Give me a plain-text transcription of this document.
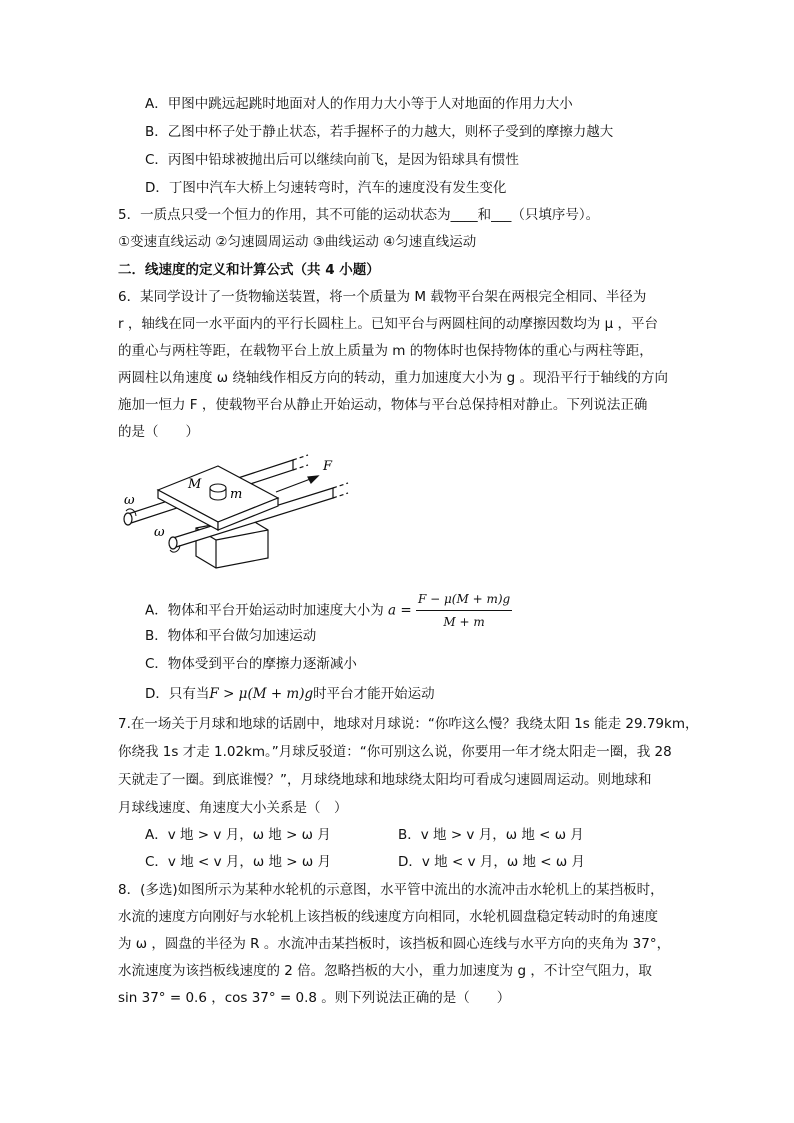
A．甲图中跳远起跳时地面对人的作用力大小等于人对地面的作用力大小
B．乙图中杯子处于静止状态，若手握杯子的力越大，则杯子受到的摩擦力越大
C．丙图中铅球被抛出后可以继续向前飞，是因为铅球具有惯性
D．丁图中汽车大桥上匀速转弯时，汽车的速度没有发生变化
5．一质点只受一个恒力的作用，其不可能的运动状态为____和___（只填序号）。
①变速直线运动 ②匀速圆周运动 ③曲线运动 ④匀速直线运动
二．线速度的定义和计算公式（共 4 小题）
6．某同学设计了一货物输送装置，将一个质量为 M 载物平台架在两根完全相同、半径为
r ，轴线在同一水平面内的平行长圆柱上。已知平台与两圆柱间的动摩擦因数均为 μ ，平台
的重心与两柱等距，在载物平台上放上质量为 m 的物体时也保持物体的重心与两柱等距，
两圆柱以角速度 ω 绕轴线作相反方向的转动，重力加速度大小为 g 。现沿平行于轴线的方向
施加一恒力 F ，使载物平台从静止开始运动，物体与平台总保持相对静止。下列说法正确
的是（　　）
M
m
F
ω
ω
A．物体和平台开始运动时加速度大小为 $a = \frac{F - \mu(M + m)g}{M + m}$
B．物体和平台做匀加速运动
C．物体受到平台的摩擦力逐渐减小
D．只有当F > μ(M + m)g时平台才能开始运动
7.在一场关于月球和地球的话剧中，地球对月球说：“你咋这么慢？我绕太阳 1s 能走 29.79km，
你绕我 1s 才走 1.02km。”月球反驳道：“你可别这么说，你要用一年才绕太阳走一圈，我 28
天就走了一圈。到底谁慢？”，月球绕地球和地球绕太阳均可看成匀速圆周运动。则地球和
月球线速度、角速度大小关系是（　）
A．v 地 > v 月，ω 地 > ω 月	B．v 地 > v 月，ω 地 < ω 月
C．v 地 < v 月，ω 地 > ω 月	D．v 地 < v 月，ω 地 < ω 月
8．(多选)如图所示为某种水轮机的示意图，水平管中流出的水流冲击水轮机上的某挡板时，
水流的速度方向刚好与水轮机上该挡板的线速度方向相同，水轮机圆盘稳定转动时的角速度
为 ω ，圆盘的半径为 R 。水流冲击某挡板时，该挡板和圆心连线与水平方向的夹角为 37°，
水流速度为该挡板线速度的 2 倍。忽略挡板的大小，重力加速度为 g ，不计空气阻力，取
sin 37° = 0.6 ，cos 37° = 0.8 。则下列说法正确的是（　　）
